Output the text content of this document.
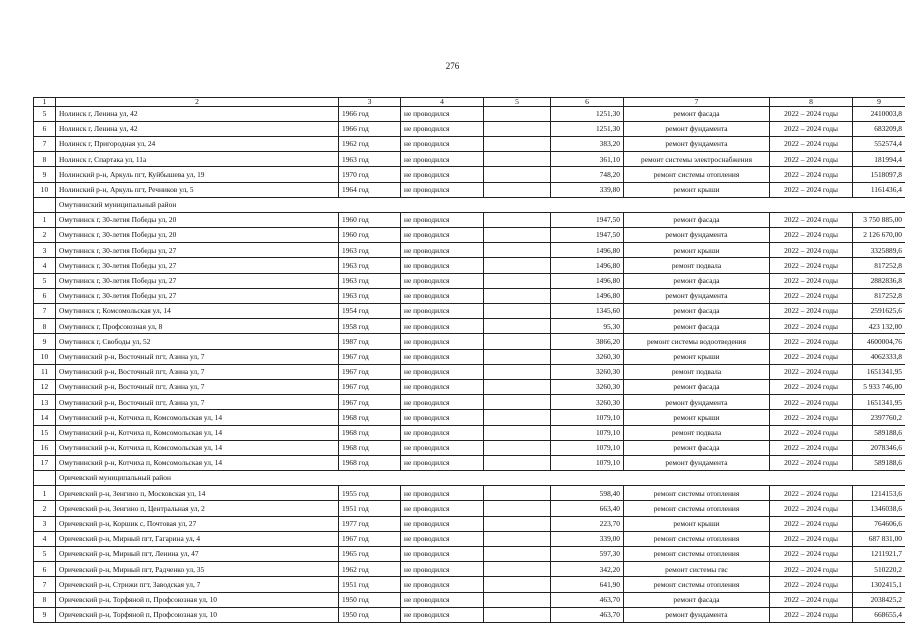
276
1	2	3	4	5	6	7	8	9
5	Нолинск г, Ленина ул, 42	1966 год	не проводился		1251,30	ремонт фасада	2022 – 2024 годы	2410003,8
6	Нолинск г, Ленина ул, 42	1966 год	не проводился		1251,30	ремонт фундамента	2022 – 2024 годы	683209,8
7	Нолинск г, Пригородная ул, 24	1962 год	не проводился		383,20	ремонт фундамента	2022 – 2024 годы	552574,4
8	Нолинск г, Спартака ул, 11а	1963 год	не проводился		361,10	ремонт системы электроснабжения	2022 – 2024 годы	181994,4
9	Нолинский р-н, Аркуль пгт, Куйбышева ул, 19	1970 год	не проводился		748,20	ремонт системы отопления	2022 – 2024 годы	1518097,8
10	Нолинский р-н, Аркуль пгт, Речников ул, 5	1964 год	не проводился		339,80	ремонт крыши	2022 – 2024 годы	1161436,4
	Омутнинский муниципальный район							
1	Омутнинск г, 30-летия Победы ул, 20	1960 год	не проводился		1947,50	ремонт фасада	2022 – 2024 годы	3 750 885,00
2	Омутнинск г, 30-летия Победы ул, 20	1960 год	не проводился		1947,50	ремонт фундамента	2022 – 2024 годы	2 126 670,00
3	Омутнинск г, 30-летия Победы ул, 27	1963 год	не проводился		1496,80	ремонт крыши	2022 – 2024 годы	3325889,6
4	Омутнинск г, 30-летия Победы ул, 27	1963 год	не проводился		1496,80	ремонт подвала	2022 – 2024 годы	817252,8
5	Омутнинск г, 30-летия Победы ул, 27	1963 год	не проводился		1496,80	ремонт фасада	2022 – 2024 годы	2882836,8
6	Омутнинск г, 30-летия Победы ул, 27	1963 год	не проводился		1496,80	ремонт фундамента	2022 – 2024 годы	817252,8
7	Омутнинск г, Комсомольская ул, 14	1954 год	не проводился		1345,60	ремонт фасада	2022 – 2024 годы	2591625,6
8	Омутнинск г, Профсоюзная ул, 8	1958 год	не проводился		95,30	ремонт фасада	2022 – 2024 годы	423 132,00
9	Омутнинск г, Свободы ул, 52	1987 год	не проводился		3866,20	ремонт системы водоотведения	2022 – 2024 годы	4600004,76
10	Омутнинский р-н, Восточный пгт, Азина ул, 7	1967 год	не проводился		3260,30	ремонт крыши	2022 – 2024 годы	4062333,8
11	Омутнинский р-н, Восточный пгт, Азина ул, 7	1967 год	не проводился		3260,30	ремонт подвала	2022 – 2024 годы	1651341,95
12	Омутнинский р-н, Восточный пгт, Азина ул, 7	1967 год	не проводился		3260,30	ремонт фасада	2022 – 2024 годы	5 933 746,00
13	Омутнинский р-н, Восточный пгт, Азина ул, 7	1967 год	не проводился		3260,30	ремонт фундамента	2022 – 2024 годы	1651341,95
14	Омутнинский р-н, Котчиха п, Комсомольская ул, 14	1968 год	не проводился		1079,10	ремонт крыши	2022 – 2024 годы	2397760,2
15	Омутнинский р-н, Котчиха п, Комсомольская ул, 14	1968 год	не проводился		1079,10	ремонт подвала	2022 – 2024 годы	589188,6
16	Омутнинский р-н, Котчиха п, Комсомольская ул, 14	1968 год	не проводился		1079,10	ремонт фасада	2022 – 2024 годы	2078346,6
17	Омутнинский р-н, Котчиха п, Комсомольская ул, 14	1968 год	не проводился		1079,10	ремонт фундамента	2022 – 2024 годы	589188,6
	Оричевский муниципальный район							
1	Оричевский р-н, Зенгино п, Московская ул, 14	1955 год	не проводился		598,40	ремонт системы отопления	2022 – 2024 годы	1214153,6
2	Оричевский р-н, Зенгино п, Центральная ул, 2	1951 год	не проводился		663,40	ремонт системы отопления	2022 – 2024 годы	1346038,6
3	Оричевский р-н, Коршик с, Почтовая ул, 27	1977 год	не проводился		223,70	ремонт крыши	2022 – 2024 годы	764606,6
4	Оричевский р-н, Мирный пгт, Гагарина ул, 4	1967 год	не проводился		339,00	ремонт системы отопления	2022 – 2024 годы	687 831,00
5	Оричевский р-н, Мирный пгт, Ленина ул, 47	1965 год	не проводился		597,30	ремонт системы отопления	2022 – 2024 годы	1211921,7
6	Оричевский р-н, Мирный пгт, Радченко ул, 35	1962 год	не проводился		342,20	ремонт системы гвс	2022 – 2024 годы	510220,2
7	Оричевский р-н, Стрижи пгт, Заводская ул, 7	1951 год	не проводился		641,90	ремонт системы отопления	2022 – 2024 годы	1302415,1
8	Оричевский р-н, Торфяной п, Профсоюзная ул, 10	1950 год	не проводился		463,70	ремонт фасада	2022 – 2024 годы	2038425,2
9	Оричевский р-н, Торфяной п, Профсоюзная ул, 10	1950 год	не проводился		463,70	ремонт фундамента	2022 – 2024 годы	668655,4
